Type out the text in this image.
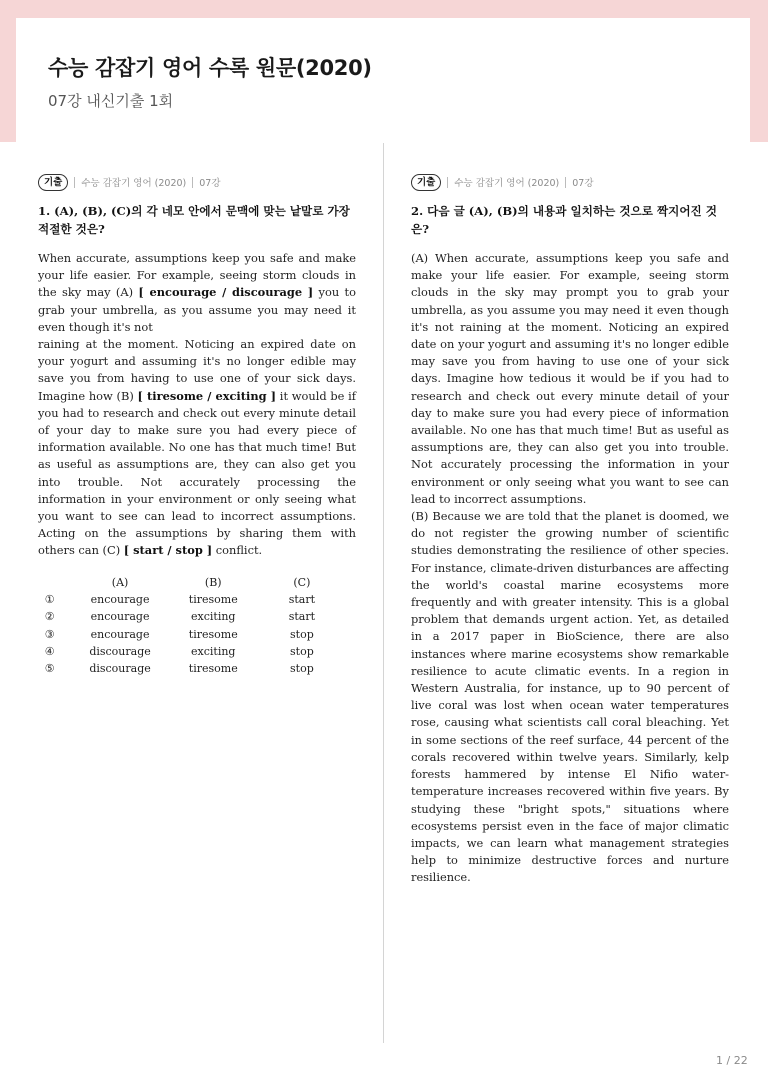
수능 감잡기 영어 수록 원문(2020)
07강 내신기출 1회
기출	수능 감잡기 영어 (2020) 07강
1. (A), (B), (C)의 각 네모 안에서 문맥에 맞는 낱말로 가장 적절한 것은?

When accurate, assumptions keep you safe and make your life easier. For example, seeing storm clouds in the sky may (A) [ encourage / discourage ] you to grab your umbrella, as you assume you may need it even though it's not
raining at the moment. Noticing an expired date on your yogurt and assuming it's no longer edible may save you from having to use one of your sick days. Imagine how (B) [ tiresome / exciting ] it would be if you had to research and check out every minute detail of your day to make sure you had every piece of information available. No one has that much time! But as useful as assumptions are, they can also get you into trouble. Not accurately processing the information in your environment or only seeing what you want to see can lead to incorrect assumptions. Acting on the assumptions by sharing them with others can (C) [ start / stop ] conflict.

	(A)	(B)	(C)
①	encourage	tiresome	start
②	encourage	exciting	start
③	encourage	tiresome	stop
④	discourage	exciting	stop
⑤	discourage	tiresome	stop
기출	수능 감잡기 영어 (2020) 07강
2. 다음 글 (A), (B)의 내용과 일치하는 것으로 짝지어진 것은?

(A) When accurate, assumptions keep you safe and make your life easier. For example, seeing storm clouds in the sky may prompt you to grab your umbrella, as you assume you may need it even though it's not raining at the moment. Noticing an expired date on your yogurt and assuming it's no longer edible may save you from having to use one of your sick days. Imagine how tedious it would be if you had to research and check out every minute detail of your day to make sure you had every piece of information available. No one has that much time! But as useful as assumptions are, they can also get you into trouble. Not accurately processing the information in your environment or only seeing what you want to see can lead to incorrect assumptions.

(B) Because we are told that the planet is doomed, we do not register the growing number of scientific studies demonstrating the resilience of other species. For instance, climate-driven disturbances are affecting the world's coastal marine ecosystems more frequently and with greater intensity. This is a global problem that demands urgent action. Yet, as detailed in a 2017 paper in BioScience, there are also instances where marine ecosystems show remarkable resilience to acute climatic events. In a region in Western Australia, for instance, up to 90 percent of live coral was lost when ocean water temperatures rose, causing what scientists call coral bleaching. Yet in some sections of the reef surface, 44 percent of the corals recovered within twelve years. Similarly, kelp forests hammered by intense El Nifio water-temperature increases recovered within five years. By studying these "bright spots," situations where ecosystems persist even in the face of major climatic impacts, we can learn what management strategies help to minimize destructive forces and nurture resilience.

1 / 22
